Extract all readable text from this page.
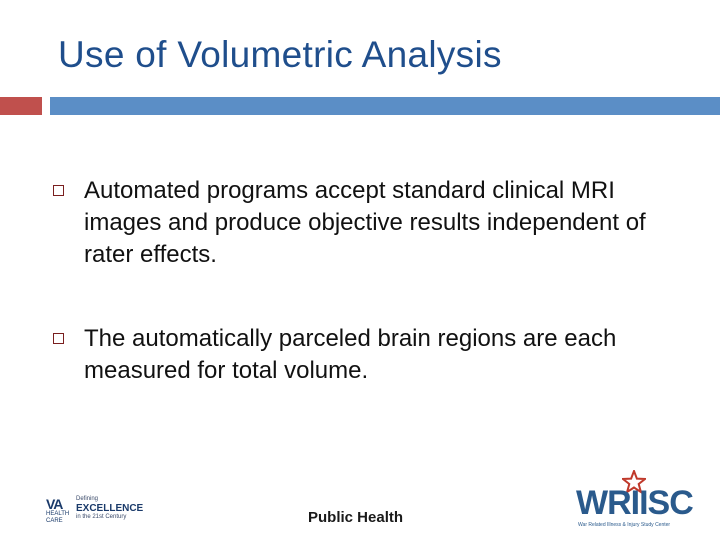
Use of Volumetric Analysis
Automated programs accept standard clinical MRI images and produce objective results independent of rater effects.
The automatically parceled brain regions are each measured for total volume.
VA
HEALTH CARE
Defining
EXCELLENCE
in the 21st Century	Public Health	WRIISC
War Related Illness & Injury Study Center
